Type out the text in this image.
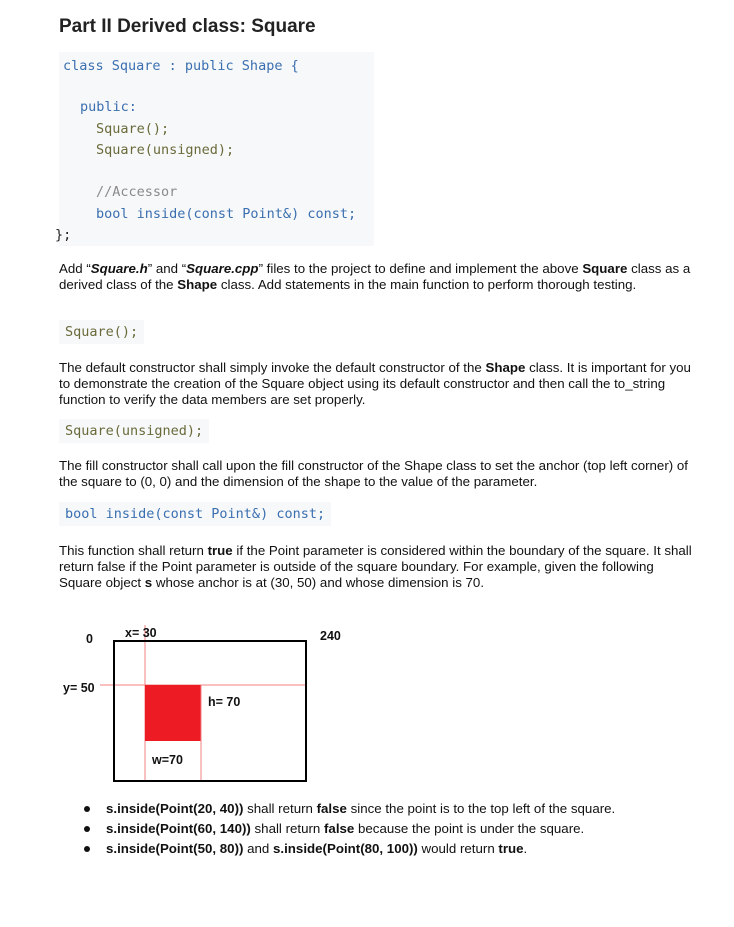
Part II Derived class: Square
class Square : public Shape {
public:
Square();
Square(unsigned);
//Accessor
bool inside(const Point&) const;
};
Add “Square.h” and “Square.cpp” files to the project to define and implement the above Square class as a derived class of the Shape class. Add statements in the main function to perform thorough testing.
Square();
The default constructor shall simply invoke the default constructor of the Shape class. It is important for you to demonstrate the creation of the Square object using its default constructor and then call the to_string function to verify the data members are set properly.
Square(unsigned);
The fill constructor shall call upon the fill constructor of the Shape class to set the anchor (top left corner) of the square to (0, 0) and the dimension of the shape to the value of the parameter.
bool inside(const Point&) const;
This function shall return true if the Point parameter is considered within the boundary of the square. It shall return false if the Point parameter is outside of the square boundary. For example, given the following Square object s whose anchor is at (30, 50) and whose dimension is 70.
0	x= 30	240
y= 50
h= 70
w=70
s.inside(Point(20, 40)) shall return false since the point is to the top left of the square.
s.inside(Point(60, 140)) shall return false because the point is under the square.
s.inside(Point(50, 80)) and s.inside(Point(80, 100)) would return true.
